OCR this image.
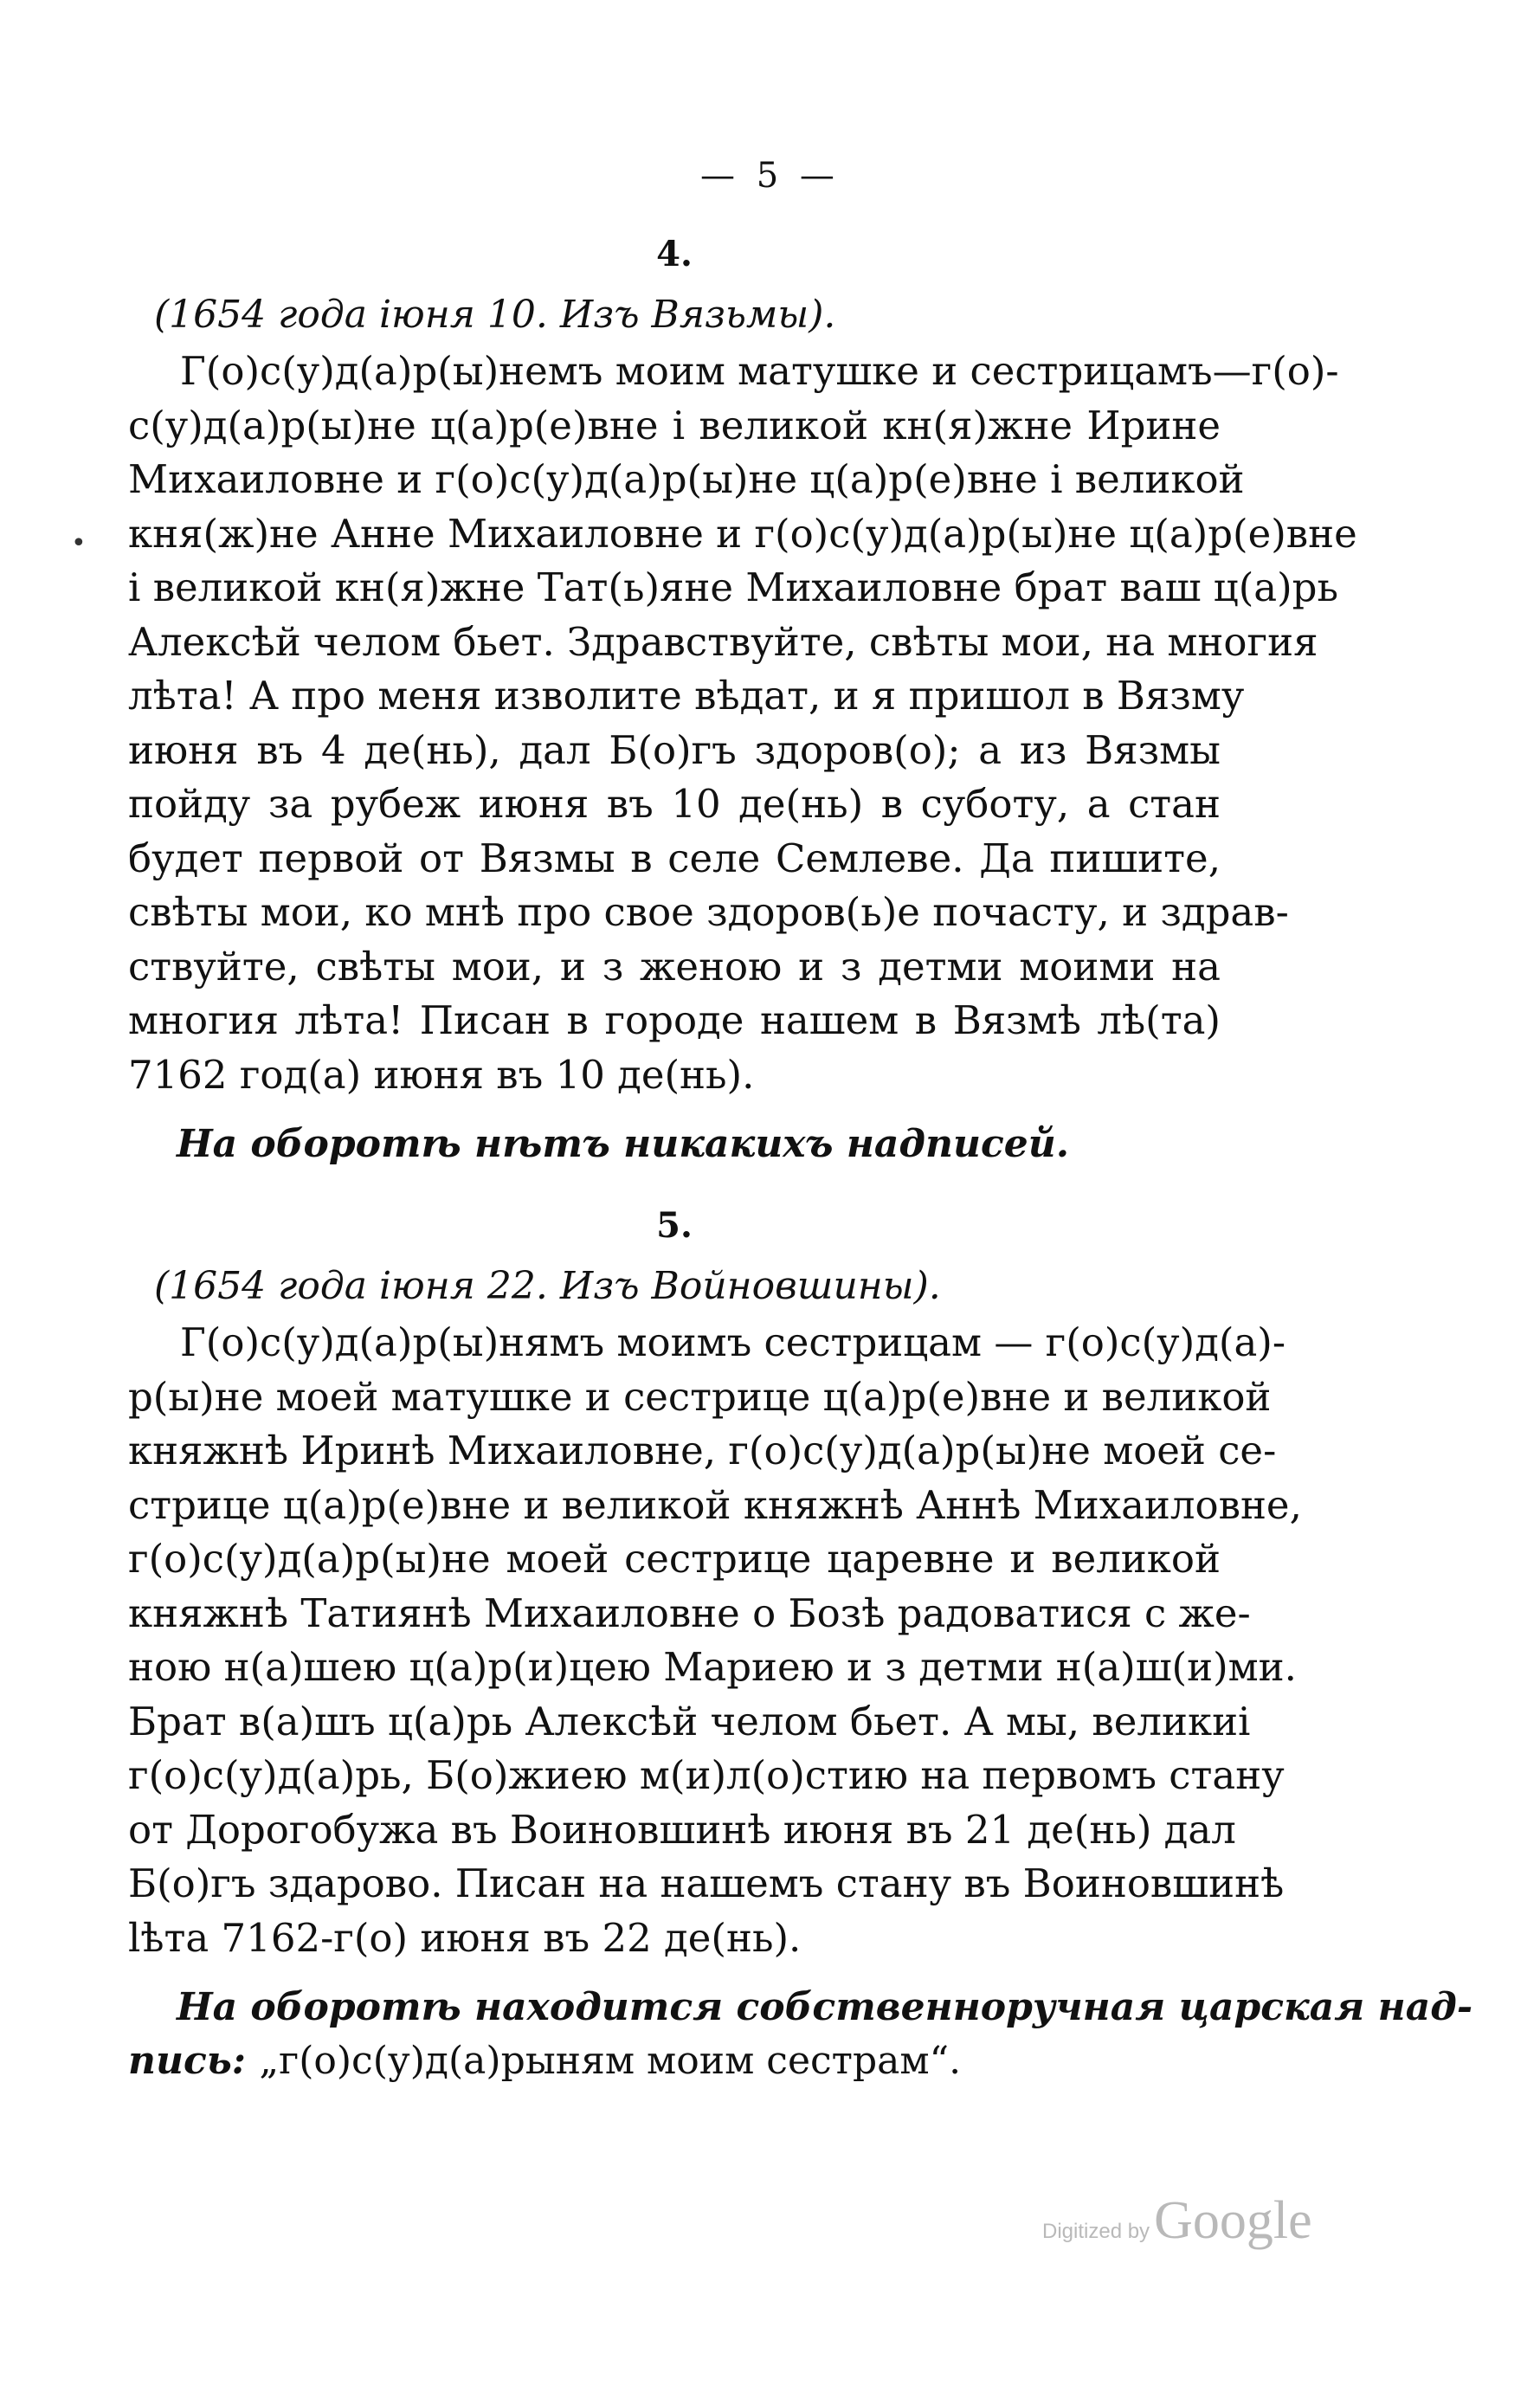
— 5 —
•
4.
(1654 года іюня 10. Изъ Вязьмы).
Г(о)с(у)д(а)р(ы)немъ моим матушке и сестрицамъ—г(о)-
с(у)д(а)р(ы)не ц(а)р(е)вне і великой кн(я)жне Ирине
Михаиловне и г(о)с(у)д(а)р(ы)не ц(а)р(е)вне і великой
кня(ж)не Анне Михаиловне и г(о)с(у)д(а)р(ы)не ц(а)р(е)вне
і великой кн(я)жне Тат(ь)яне Михаиловне брат ваш ц(а)рь
Алексѣй челом бьет. Здравствуйте, свѣты мои, на многия
лѣта! А про меня изволите вѣдат, и я пришол в Вязму
июня въ 4 де(нь), дал Б(о)гъ здоров(о); а из Вязмы
пойду за рубеж июня въ 10 де(нь) в суботу, а стан
будет первой от Вязмы в селе Семлеве. Да пишите,
свѣты мои, ко мнѣ про свое здоров(ь)е почасту, и здрав-
ствуйте, свѣты мои, и з женою и з детми моими на
многия лѣта! Писан в городе нашем в Вязмѣ лѣ(та)
7162 год(а) июня въ 10 де(нь).
На оборотѣ нѣтъ никакихъ надписей.
5.
(1654 года іюня 22. Изъ Войновшины).
Г(о)с(у)д(а)р(ы)нямъ моимъ сестрицам — г(о)с(у)д(а)-
р(ы)не моей матушке и сестрице ц(а)р(е)вне и великой
княжнѣ Иринѣ Михаиловне, г(о)с(у)д(а)р(ы)не моей се-
стрице ц(а)р(е)вне и великой княжнѣ Аннѣ Михаиловне,
г(о)с(у)д(а)р(ы)не моей сестрице царевне и великой
княжнѣ Татиянѣ Михаиловне о Бозѣ радоватися с же-
ною н(а)шею ц(а)р(и)цею Мариею и з детми н(а)ш(и)ми.
Брат в(а)шъ ц(а)рь Алексѣй челом бьет. А мы, великиі
г(о)с(у)д(а)рь, Б(о)жиею м(и)л(о)стию на первомъ стану
от Дорогобужа въ Воиновшинѣ июня въ 21 де(нь) дал
Б(о)гъ здарово. Писан на нашемъ стану въ Воиновшинѣ
lѣта 7162-г(о) июня въ 22 де(нь).
На оборотѣ находится собственноручная царская над-
пись: „г(о)с(у)д(а)рыням моим сестрам“.
Digitized by Google
